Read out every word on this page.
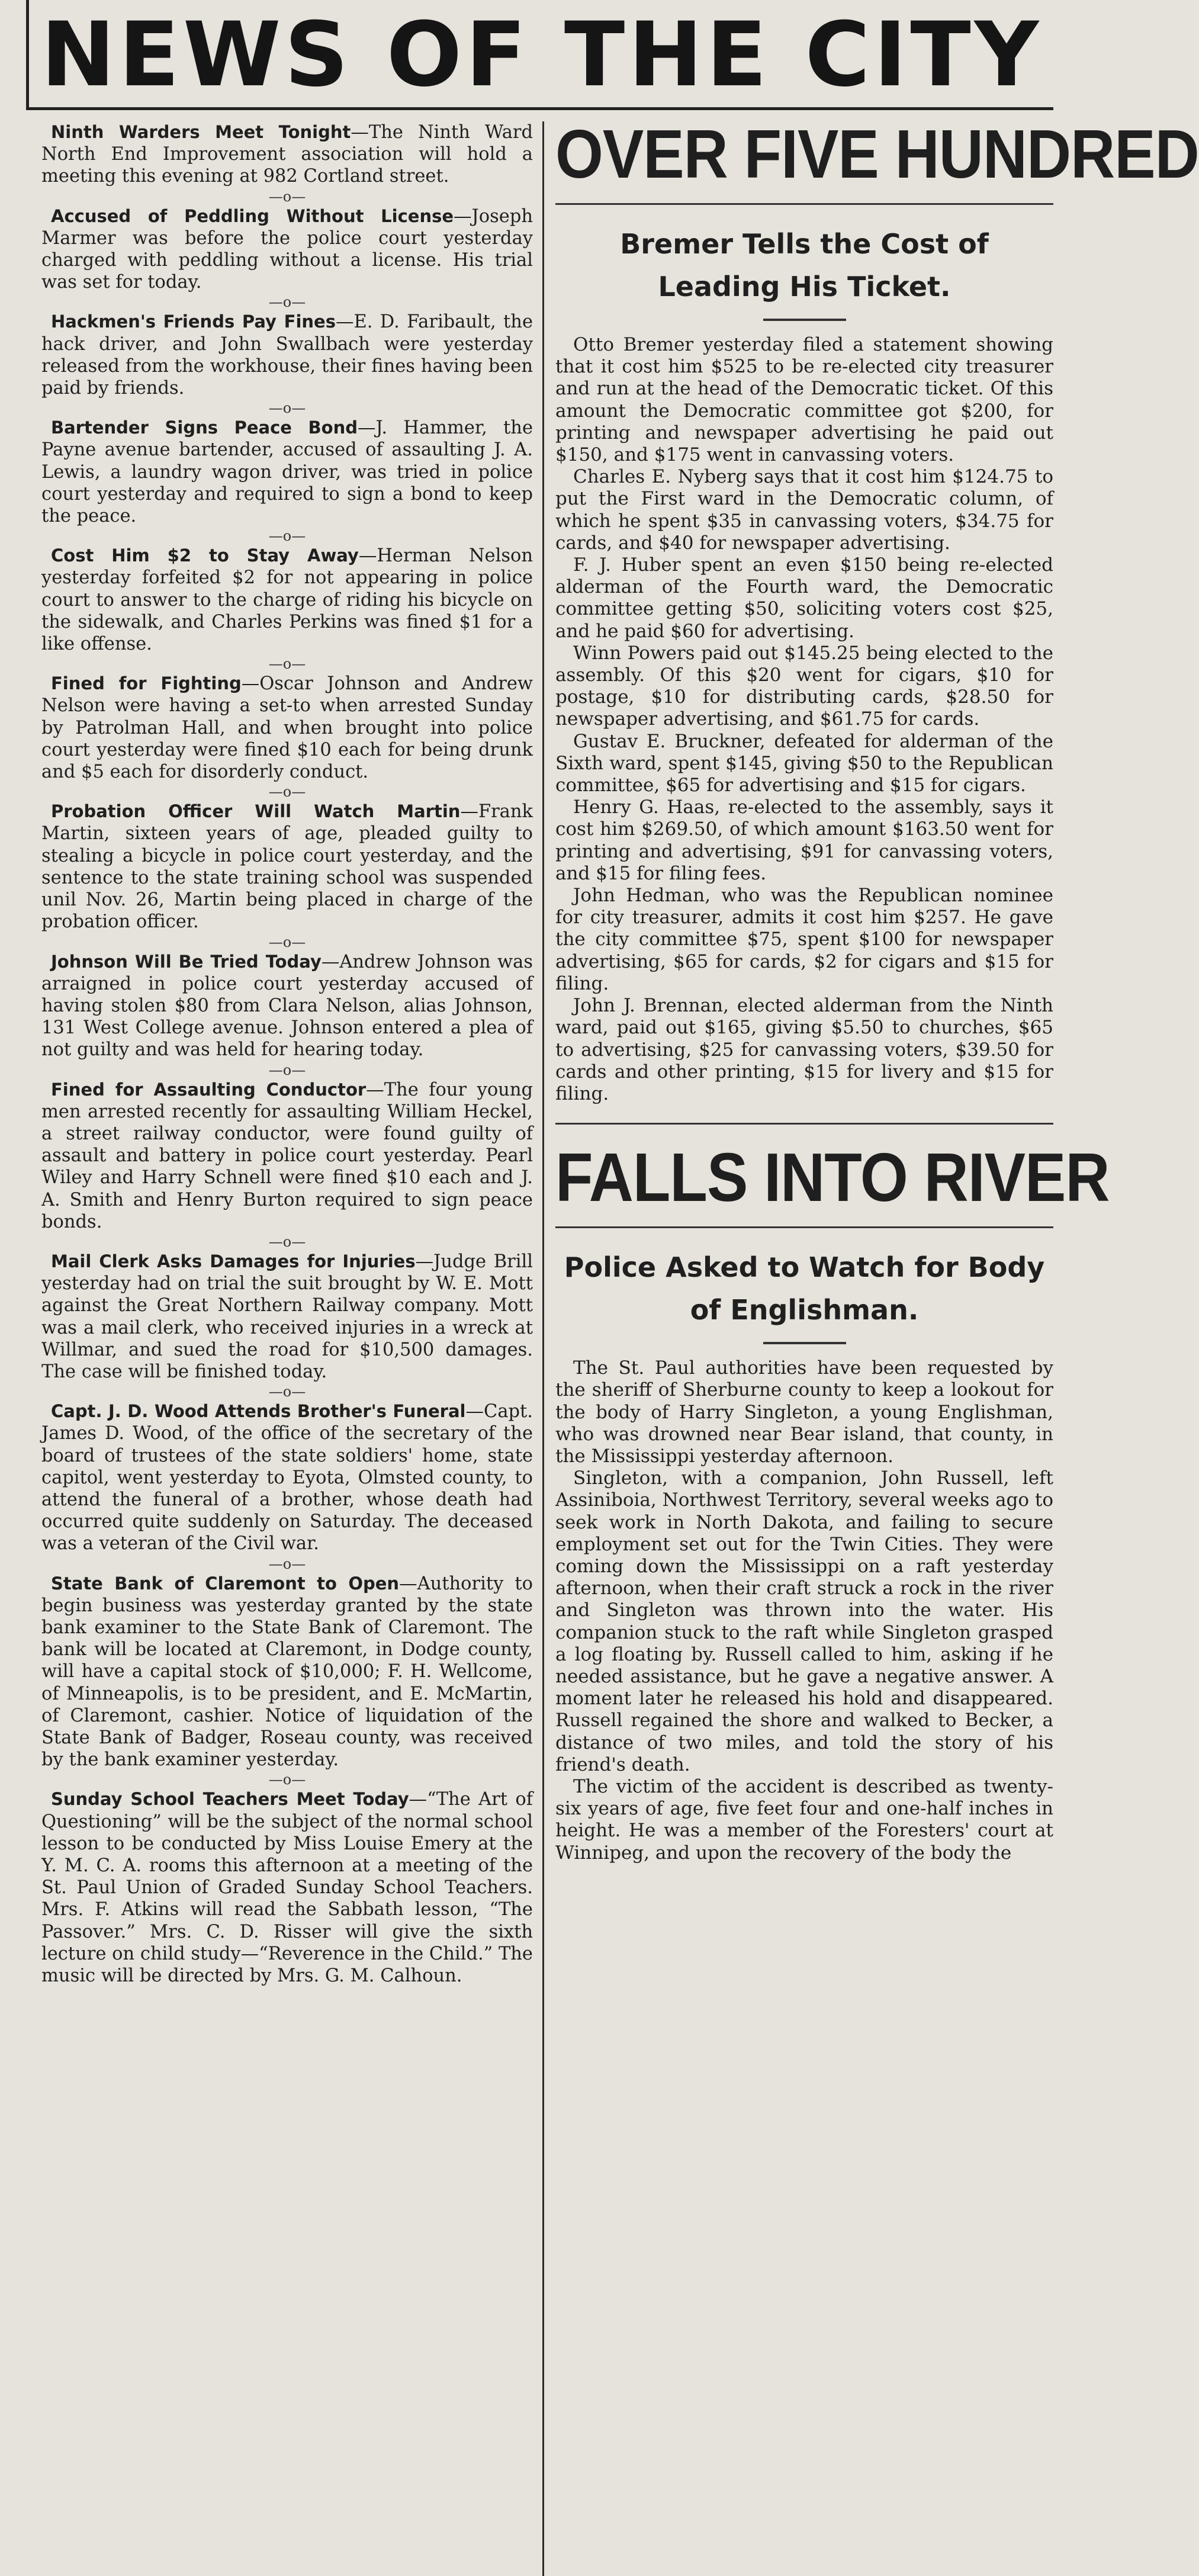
NEWS OF THE CITY

Ninth Warders Meet Tonight—The Ninth Ward North End Improvement association will hold a meeting this evening at 982 Cortland street.

—o—

Accused of Peddling Without License—Joseph Marmer was before the police court yesterday charged with peddling without a license. His trial was set for today.

—o—

Hackmen's Friends Pay Fines—E. D. Faribault, the hack driver, and John Swallbach were yesterday released from the workhouse, their fines having been paid by friends.

—o—

Bartender Signs Peace Bond—J. Hammer, the Payne avenue bartender, accused of assaulting J. A. Lewis, a laundry wagon driver, was tried in police court yesterday and required to sign a bond to keep the peace.

—o—

Cost Him $2 to Stay Away—Herman Nelson yesterday forfeited $2 for not appearing in police court to answer to the charge of riding his bicycle on the sidewalk, and Charles Perkins was fined $1 for a like offense.

—o—

Fined for Fighting—Oscar Johnson and Andrew Nelson were having a set-to when arrested Sunday by Patrolman Hall, and when brought into police court yesterday were fined $10 each for being drunk and $5 each for disorderly conduct.

—o—

Probation Officer Will Watch Martin—Frank Martin, sixteen years of age, pleaded guilty to stealing a bicycle in police court yesterday, and the sentence to the state training school was suspended unil Nov. 26, Martin being placed in charge of the probation officer.

—o—

Johnson Will Be Tried Today—Andrew Johnson was arraigned in police court yesterday accused of having stolen $80 from Clara Nelson, alias Johnson, 131 West College avenue. Johnson entered a plea of not guilty and was held for hearing today.

—o—

Fined for Assaulting Conductor—The four young men arrested recently for assaulting William Heckel, a street railway conductor, were found guilty of assault and battery in police court yesterday. Pearl Wiley and Harry Schnell were fined $10 each and J. A. Smith and Henry Burton required to sign peace bonds.

—o—

Mail Clerk Asks Damages for Injuries—Judge Brill yesterday had on trial the suit brought by W. E. Mott against the Great Northern Railway company. Mott was a mail clerk, who received injuries in a wreck at Willmar, and sued the road for $10,500 damages. The case will be finished today.

—o—

Capt. J. D. Wood Attends Brother's Funeral—Capt. James D. Wood, of the office of the secretary of the board of trustees of the state soldiers' home, state capitol, went yesterday to Eyota, Olmsted county, to attend the funeral of a brother, whose death had occurred quite suddenly on Saturday. The deceased was a veteran of the Civil war.

—o—

State Bank of Claremont to Open—Authority to begin business was yesterday granted by the state bank examiner to the State Bank of Claremont. The bank will be located at Claremont, in Dodge county, will have a capital stock of $10,000; F. H. Wellcome, of Minneapolis, is to be president, and E. McMartin, of Claremont, cashier. Notice of liquidation of the State Bank of Badger, Roseau county, was received by the bank examiner yesterday.

—o—

Sunday School Teachers Meet Today—“The Art of Questioning” will be the subject of the normal school lesson to be conducted by Miss Louise Emery at the Y. M. C. A. rooms this afternoon at a meeting of the St. Paul Union of Graded Sunday School Teachers. Mrs. F. Atkins will read the Sabbath lesson, “The Passover.” Mrs. C. D. Risser will give the sixth lecture on child study—“Reverence in the Child.” The music will be directed by Mrs. G. M. Calhoun.

OVER FIVE HUNDRED

Bremer Tells the Cost of Leading His Ticket.

Otto Bremer yesterday filed a statement showing that it cost him $525 to be re-elected city treasurer and run at the head of the Democratic ticket. Of this amount the Democratic committee got $200, for printing and newspaper advertising he paid out $150, and $175 went in canvassing voters.

Charles E. Nyberg says that it cost him $124.75 to put the First ward in the Democratic column, of which he spent $35 in canvassing voters, $34.75 for cards, and $40 for newspaper advertising.

F. J. Huber spent an even $150 being re-elected alderman of the Fourth ward, the Democratic committee getting $50, soliciting voters cost $25, and he paid $60 for advertising.

Winn Powers paid out $145.25 being elected to the assembly. Of this $20 went for cigars, $10 for postage, $10 for distributing cards, $28.50 for newspaper advertising, and $61.75 for cards.

Gustav E. Bruckner, defeated for alderman of the Sixth ward, spent $145, giving $50 to the Republican committee, $65 for advertising and $15 for cigars.

Henry G. Haas, re-elected to the assembly, says it cost him $269.50, of which amount $163.50 went for printing and advertising, $91 for canvassing voters, and $15 for filing fees.

John Hedman, who was the Republican nominee for city treasurer, admits it cost him $257. He gave the city committee $75, spent $100 for newspaper advertising, $65 for cards, $2 for cigars and $15 for filing.

John J. Brennan, elected alderman from the Ninth ward, paid out $165, giving $5.50 to churches, $65 to advertising, $25 for canvassing voters, $39.50 for cards and other printing, $15 for livery and $15 for filing.

FALLS INTO RIVER

Police Asked to Watch for Body of Englishman.

The St. Paul authorities have been requested by the sheriff of Sherburne county to keep a lookout for the body of Harry Singleton, a young Englishman, who was drowned near Bear island, that county, in the Mississippi yesterday afternoon.

Singleton, with a companion, John Russell, left Assiniboia, Northwest Territory, several weeks ago to seek work in North Dakota, and failing to secure employment set out for the Twin Cities. They were coming down the Mississippi on a raft yesterday afternoon, when their craft struck a rock in the river and Singleton was thrown into the water. His companion stuck to the raft while Singleton grasped a log floating by. Russell called to him, asking if he needed assistance, but he gave a negative answer. A moment later he released his hold and disappeared. Russell regained the shore and walked to Becker, a distance of two miles, and told the story of his friend's death.

The victim of the accident is described as twenty-six years of age, five feet four and one-half inches in height. He was a member of the Foresters' court at Winnipeg, and upon the recovery of the body the
